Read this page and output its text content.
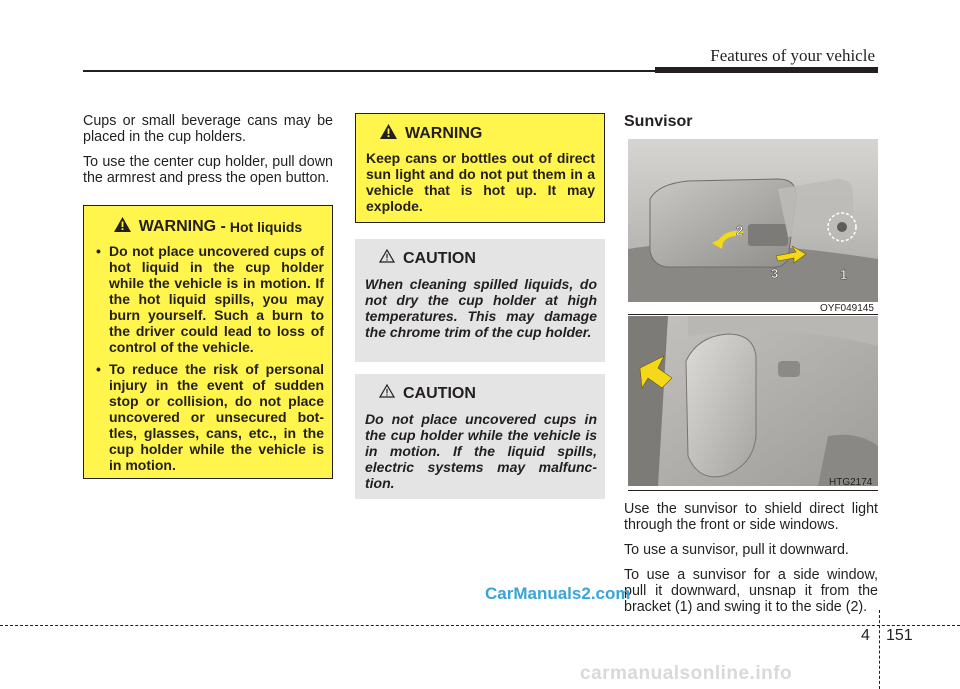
Features of your vehicle

Cups or small beverage cans may be placed in the cup holders.

To use the center cup holder, pull down the armrest and press the open button.

WARNING - Hot liquids
• Do not place uncovered cups of hot liquid in the cup holder while the vehicle is in motion. If the hot liquid spills, you may burn yourself. Such a burn to the driver could lead to loss of control of the vehicle.
• To reduce the risk of personal injury in the event of sudden stop or collision, do not place uncovered or unsecured bot-tles, glasses, cans, etc., in the cup holder while the vehicle is in motion.
WARNING
Keep cans or bottles out of direct sun light and do not put them in a vehicle that is hot up. It may explode.
CAUTION
When cleaning spilled liquids, do not dry the cup holder at high temperatures. This may damage the chrome trim of the cup holder.
CAUTION
Do not place uncovered cups in the cup holder while the vehicle is in motion. If the liquid spills, electric systems may malfunc-tion.
Sunvisor
2
3	1
OYF049145
HTG2174

Use the sunvisor to shield direct light through the front or side windows.

To use a sunvisor, pull it downward.

To use a sunvisor for a side window, pull it downward, unsnap it from the bracket (1) and swing it to the side (2).

CarManuals2.com
4 151
carmanualsonline.info
